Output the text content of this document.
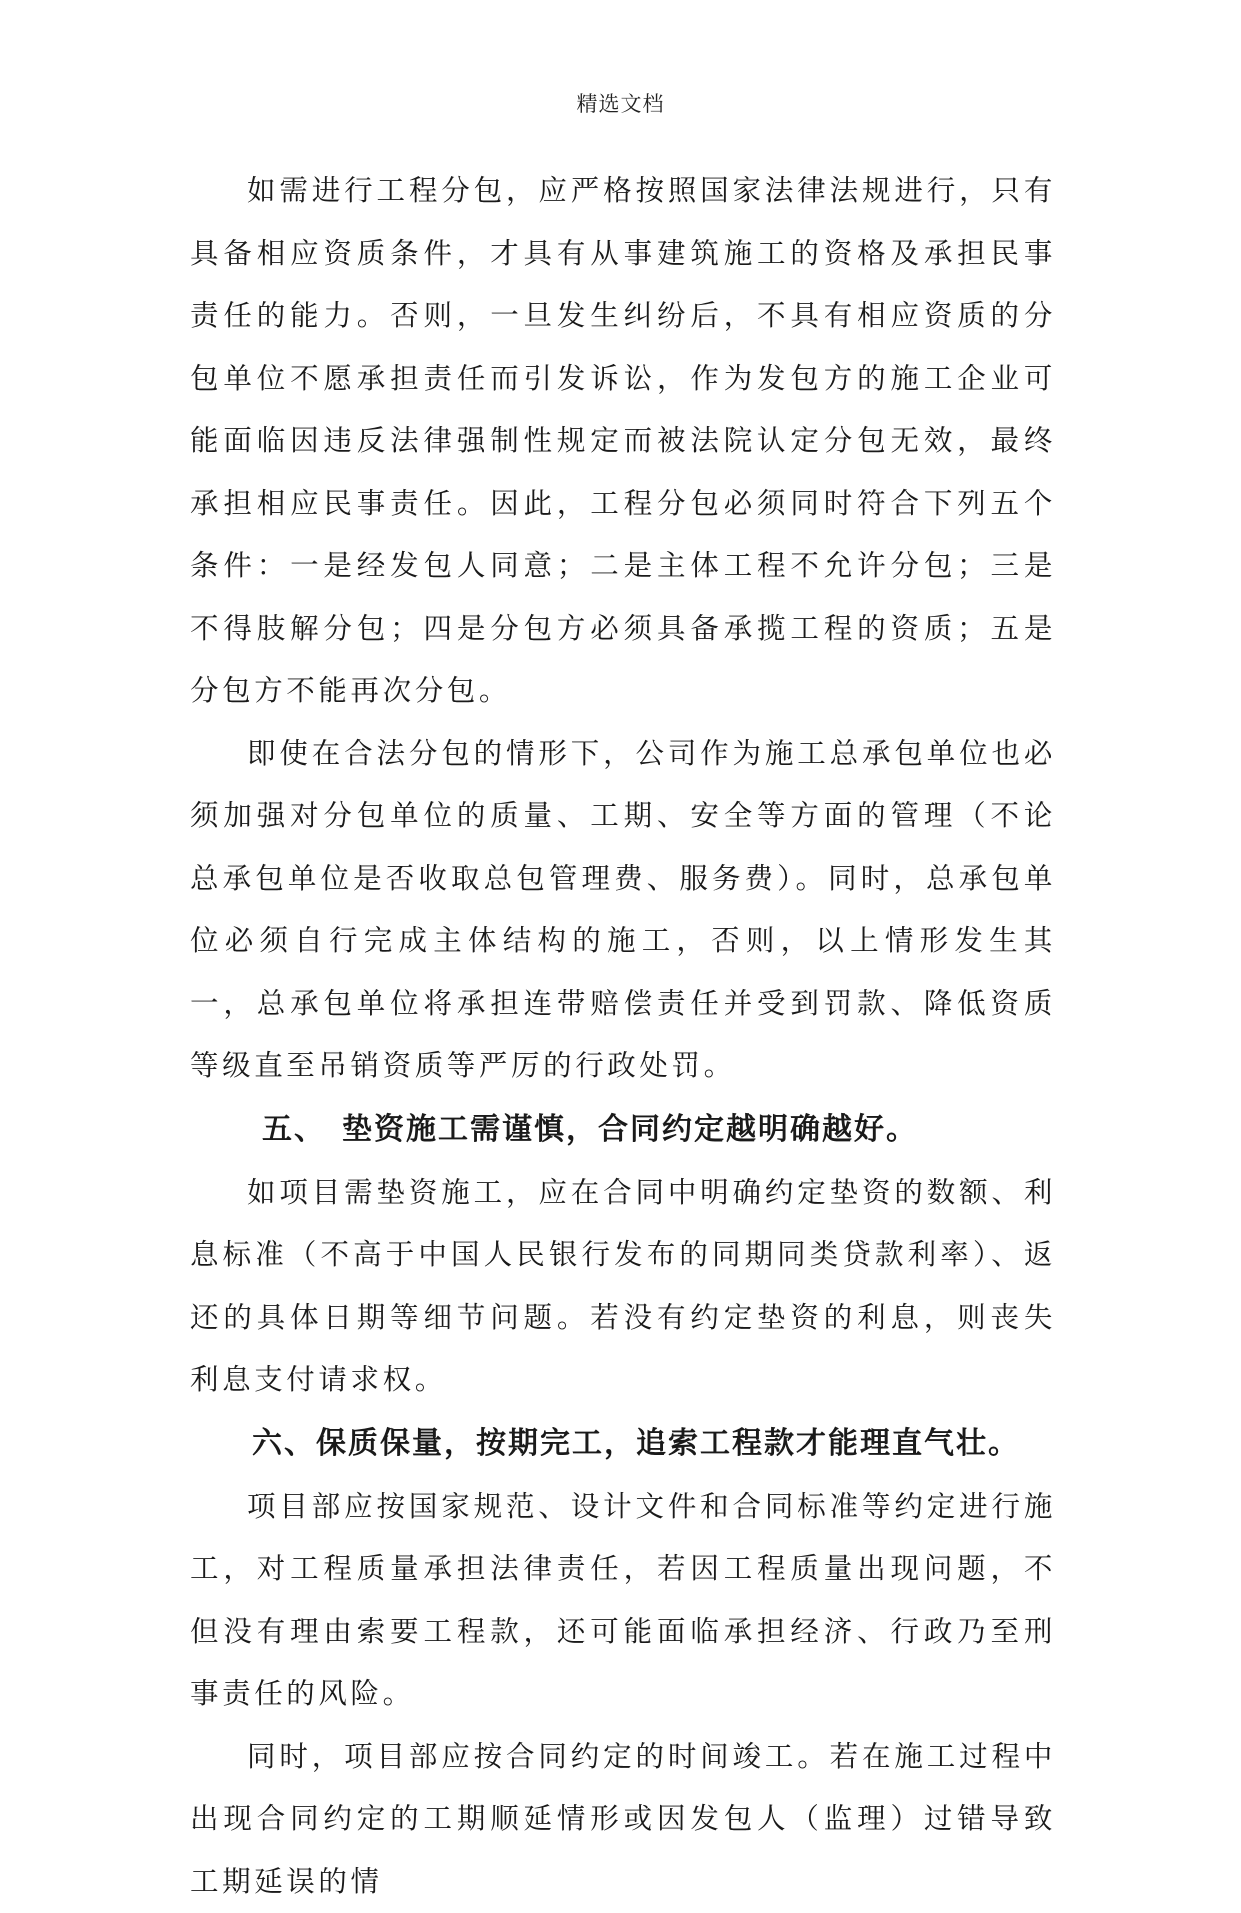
精选文档

如需进行工程分包，应严格按照国家法律法规进行，只有具备相应资质条件，才具有从事建筑施工的资格及承担民事责任的能力。否则，一旦发生纠纷后，不具有相应资质的分包单位不愿承担责任而引发诉讼，作为发包方的施工企业可能面临因违反法律强制性规定而被法院认定分包无效，最终承担相应民事责任。因此，工程分包必须同时符合下列五个条件：一是经发包人同意；二是主体工程不允许分包；三是不得肢解分包；四是分包方必须具备承揽工程的资质；五是分包方不能再次分包。

即使在合法分包的情形下，公司作为施工总承包单位也必须加强对分包单位的质量、工期、安全等方面的管理（不论总承包单位是否收取总包管理费、服务费）。同时，总承包单位必须自行完成主体结构的施工，否则，以上情形发生其一，总承包单位将承担连带赔偿责任并受到罚款、降低资质等级直至吊销资质等严厉的行政处罚。

五、 垫资施工需谨慎，合同约定越明确越好。

如项目需垫资施工，应在合同中明确约定垫资的数额、利息标准（不高于中国人民银行发布的同期同类贷款利率）、返还的具体日期等细节问题。若没有约定垫资的利息，则丧失利息支付请求权。

六、保质保量，按期完工，追索工程款才能理直气壮。

项目部应按国家规范、设计文件和合同标准等约定进行施工，对工程质量承担法律责任，若因工程质量出现问题，不但没有理由索要工程款，还可能面临承担经济、行政乃至刑事责任的风险。

同时，项目部应按合同约定的时间竣工。若在施工过程中出现合同约定的工期顺延情形或因发包人（监理）过错导致工期延误的情
